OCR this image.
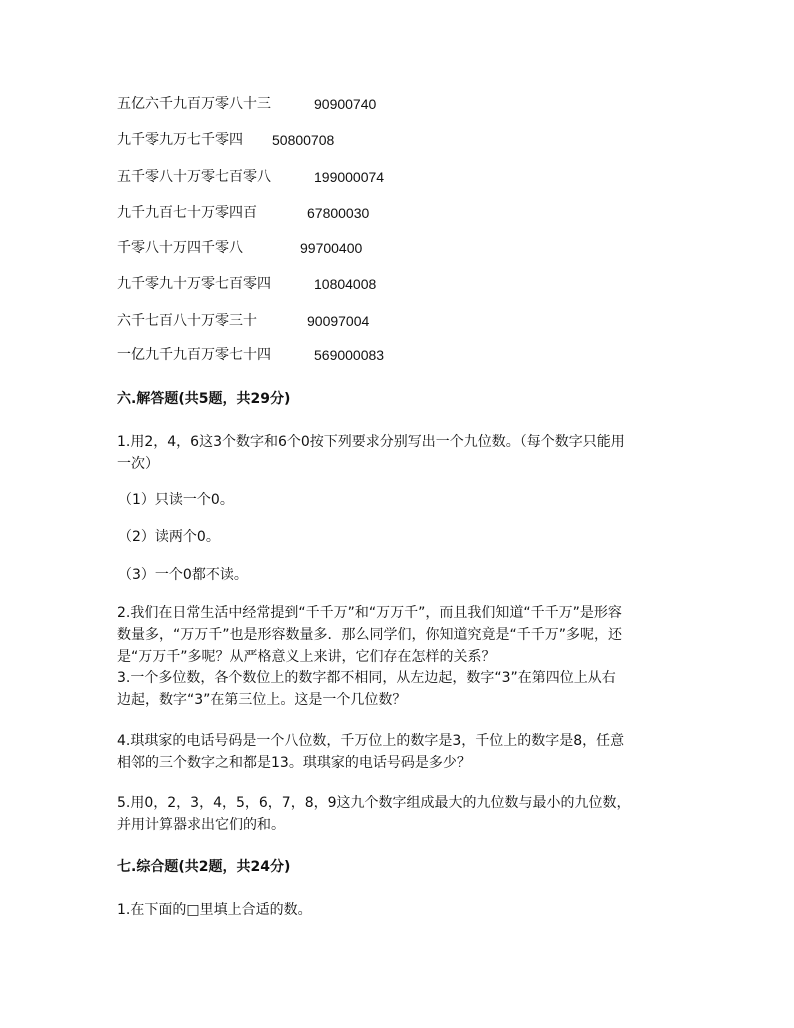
五亿六千九百万零八十三	90900740
九千零九万七千零四 50800708
五千零八十万零七百零八	199000074
九千九百七十万零四百	67800030
千零八十万四千零八	99700400
九千零九十万零七百零四	10804008
六千七百八十万零三十	90097004
一亿九千九百万零七十四	569000083
六.解答题(共5题，共29分)
1.用2，4，6这3个数字和6个0按下列要求分别写出一个九位数。（每个数字只能用
一次）
（1）只读一个0。
（2）读两个0。
（3）一个0都不读。
2.我们在日常生活中经常提到“千千万”和“万万千”，而且我们知道“千千万”是形容
数量多，“万万千”也是形容数量多．那么同学们，你知道究竟是“千千万”多呢，还
是“万万千”多呢？从严格意义上来讲，它们存在怎样的关系？
3.一个多位数，各个数位上的数字都不相同，从左边起，数字“3”在第四位上从右
边起，数字“3”在第三位上。这是一个几位数？
4.琪琪家的电话号码是一个八位数，千万位上的数字是3，千位上的数字是8，任意
相邻的三个数字之和都是13。琪琪家的电话号码是多少？
5.用0，2，3，4，5，6，7，8，9这九个数字组成最大的九位数与最小的九位数，
并用计算器求出它们的和。
七.综合题(共2题，共24分)
1.在下面的□里填上合适的数。
